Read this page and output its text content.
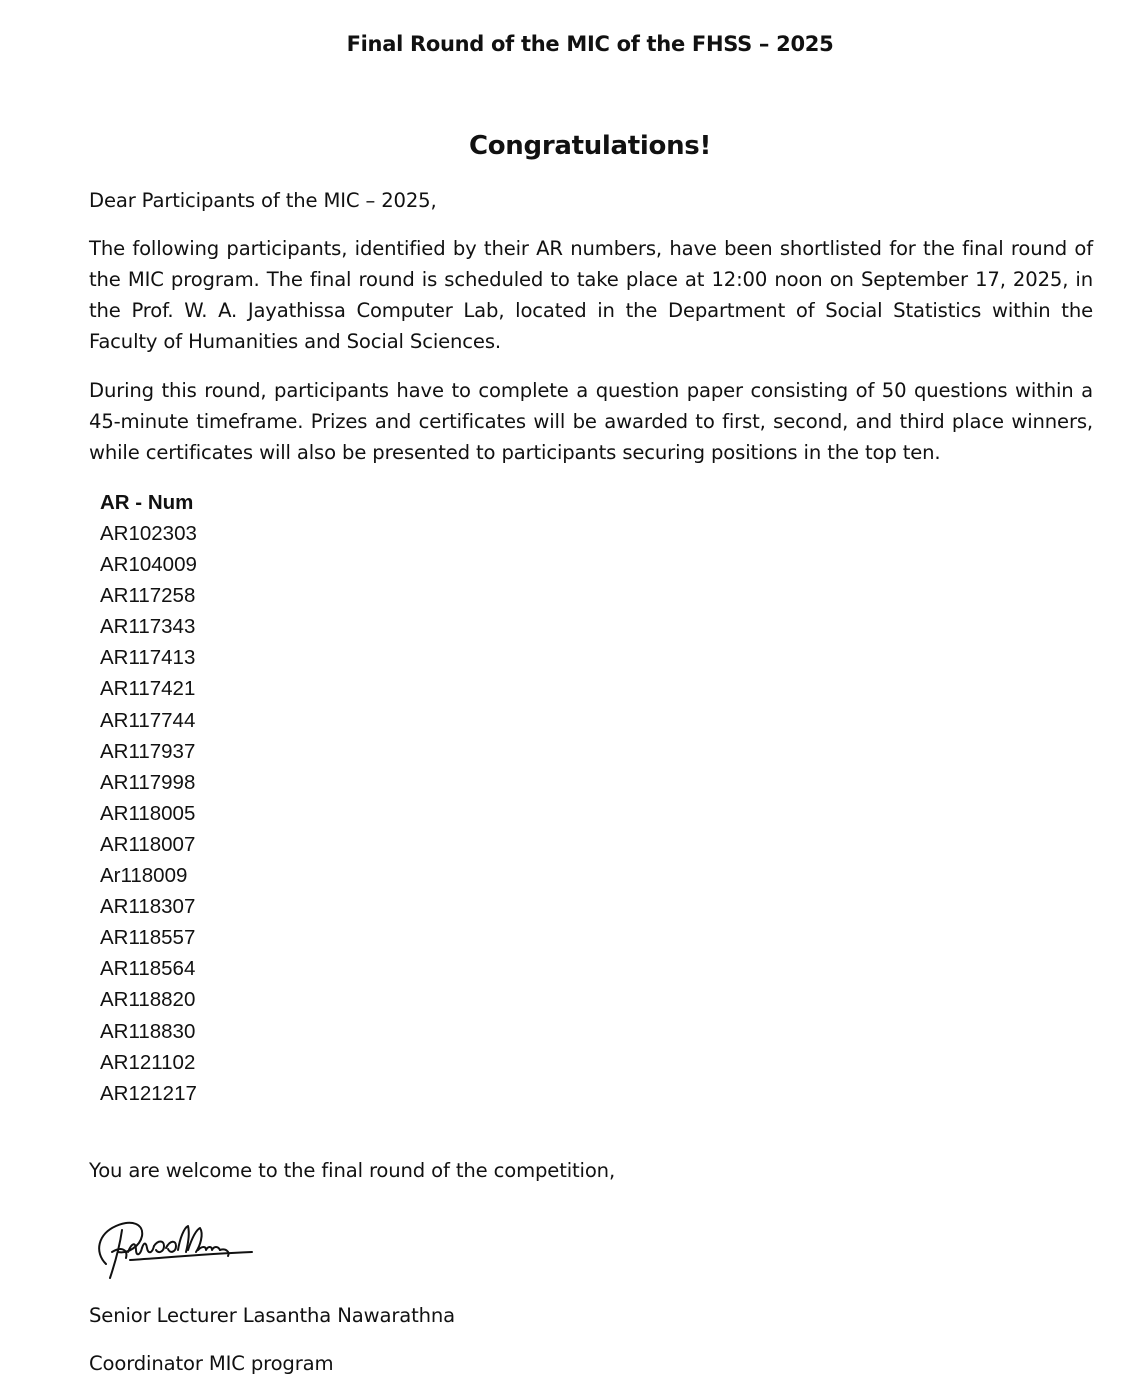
Final Round of the MIC of the FHSS – 2025
Congratulations!
Dear Participants of the MIC – 2025,
The following participants, identified by their AR numbers, have been shortlisted for the final round of the MIC program. The final round is scheduled to take place at 12:00 noon on September 17, 2025, in the Prof. W. A. Jayathissa Computer Lab, located in the Department of Social Statistics within the Faculty of Humanities and Social Sciences.
During this round, participants have to complete a question paper consisting of 50 questions within a 45-minute timeframe. Prizes and certificates will be awarded to first, second, and third place winners, while certificates will also be presented to participants securing positions in the top ten.
AR - Num
AR102303
AR104009
AR117258
AR117343
AR117413
AR117421
AR117744
AR117937
AR117998
AR118005
AR118007
Ar118009
AR118307
AR118557
AR118564
AR118820
AR118830
AR121102
AR121217
You are welcome to the final round of the competition,
Senior Lecturer Lasantha Nawarathna
Coordinator MIC program
